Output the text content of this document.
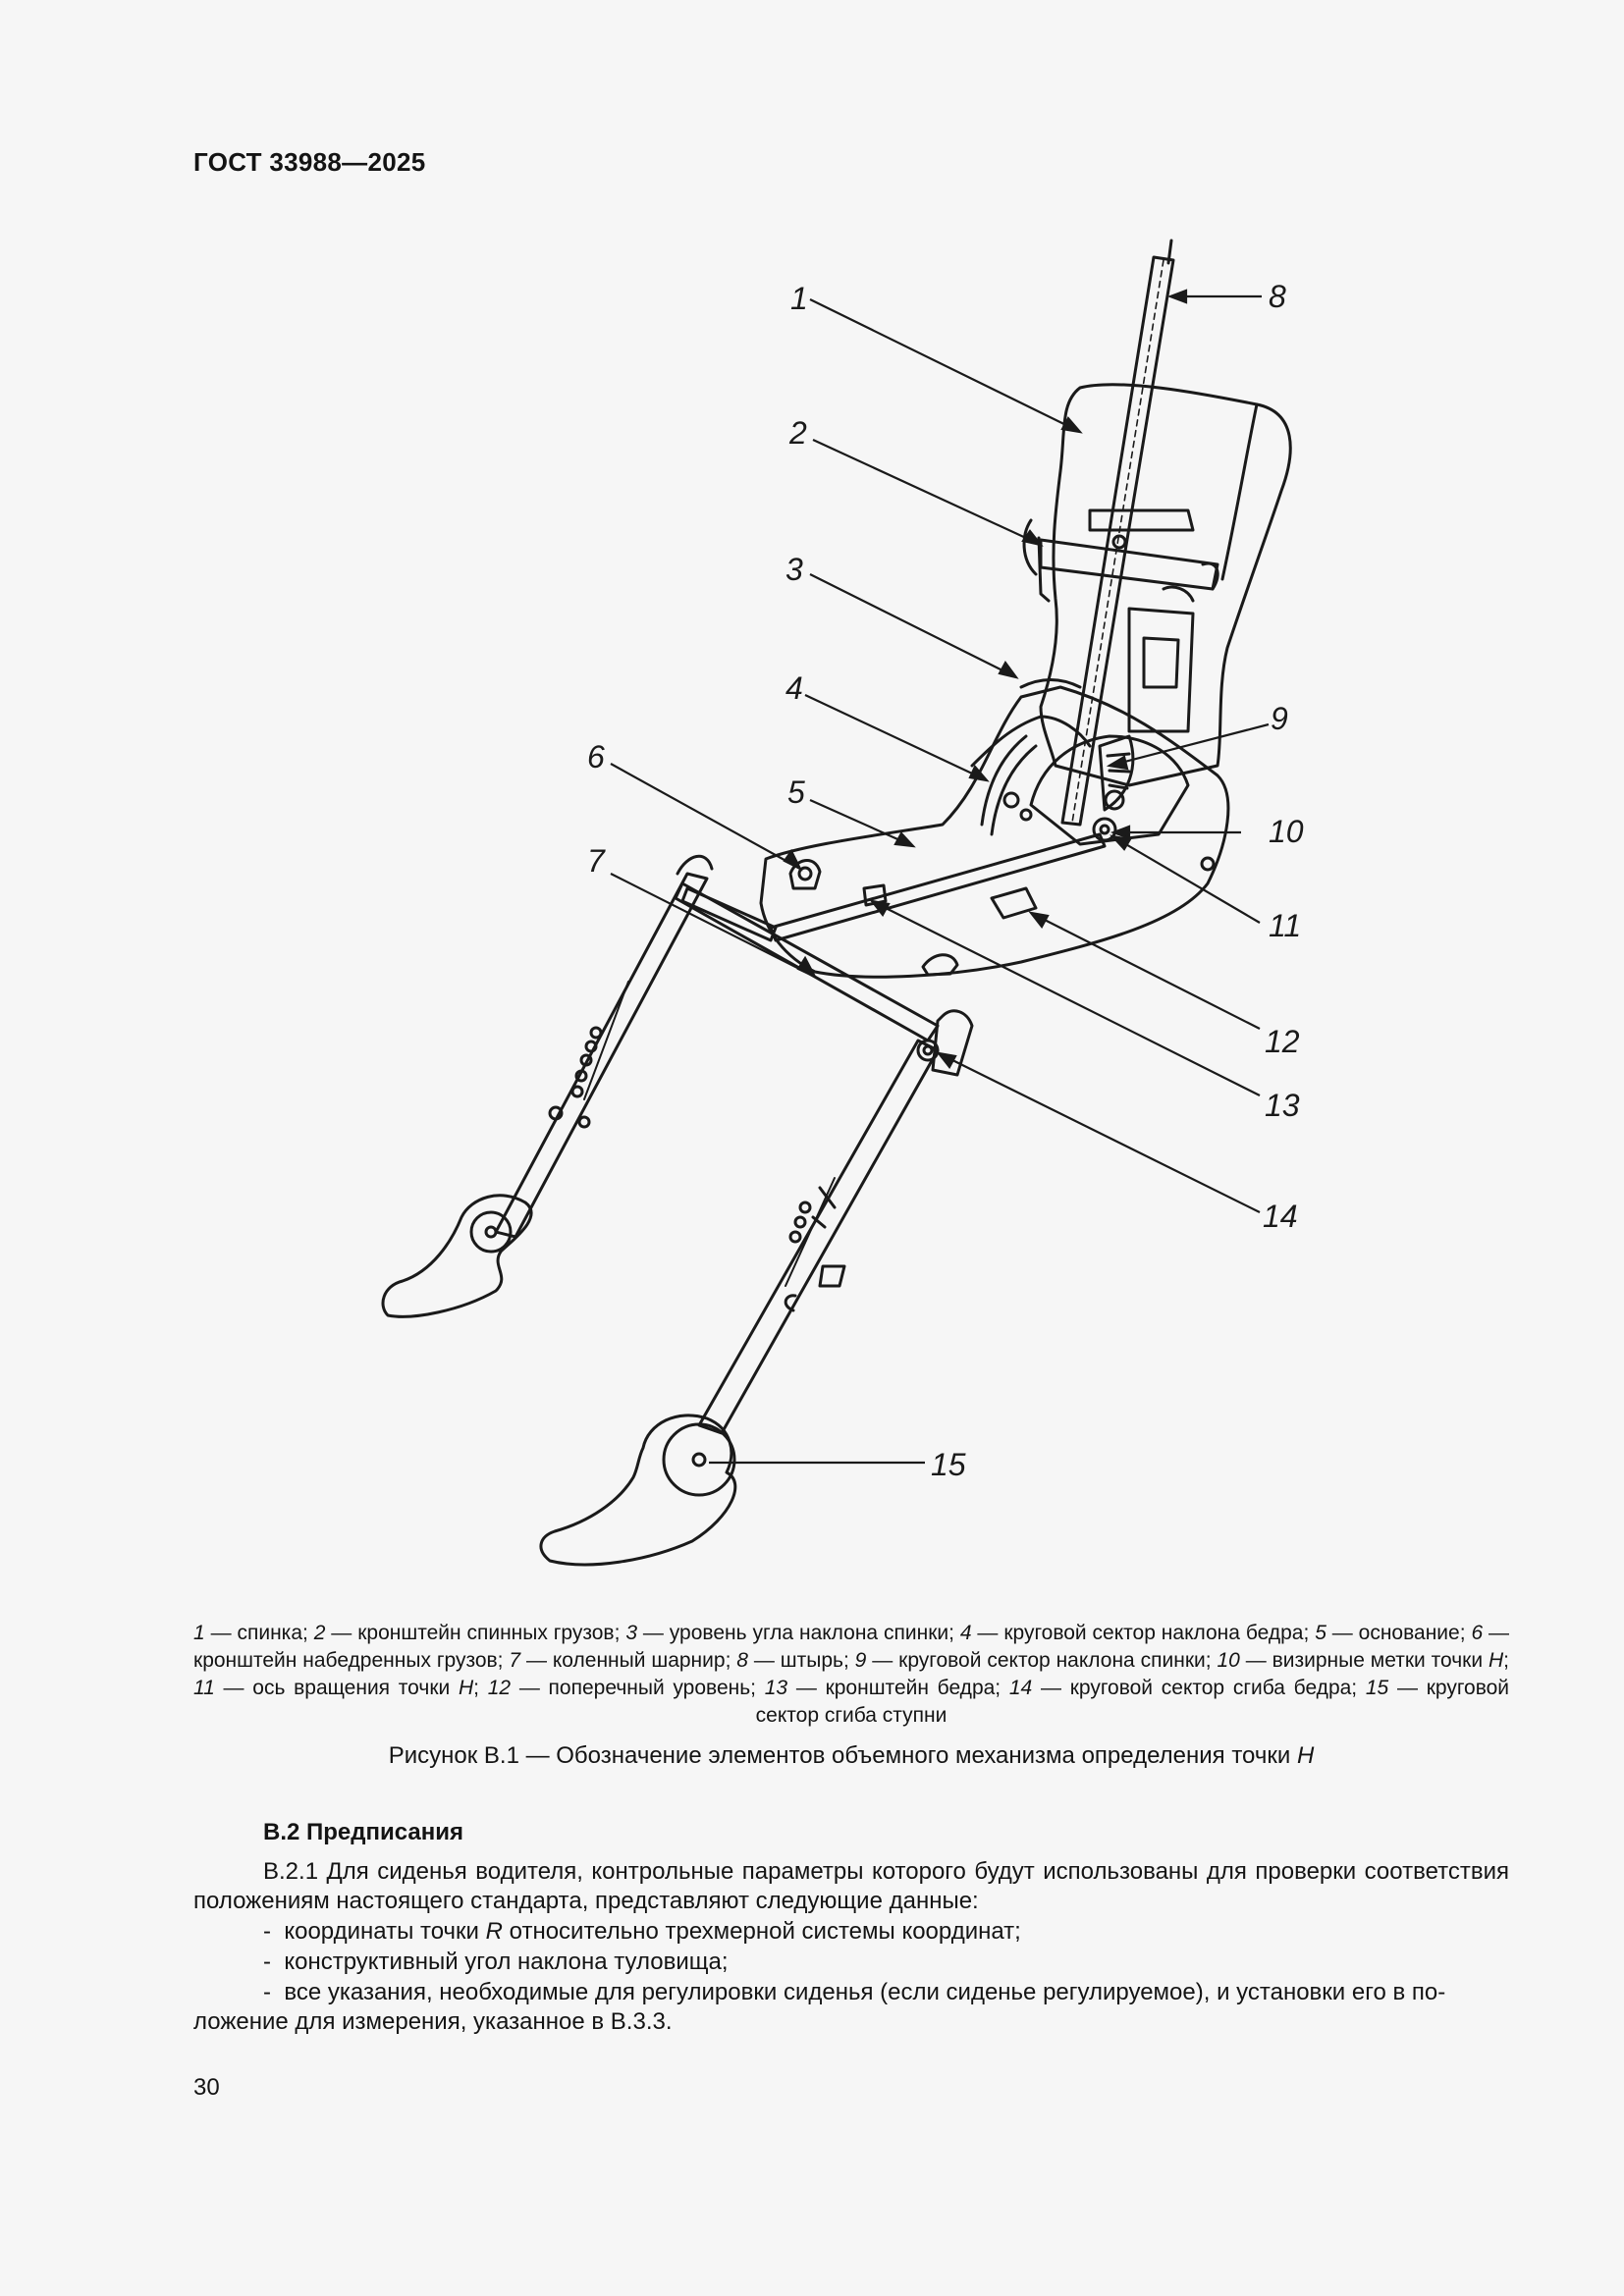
ГОСТ 33988—2025
1
2
3
4
5
6
7
8
9
10
11
12
13
14
15
1 — спинка; 2 — кронштейн спинных грузов; 3 — уровень угла наклона спинки; 4 — круговой сектор наклона бедра; 5 — основание; 6 — кронштейн набедренных грузов; 7 — коленный шарнир; 8 — штырь; 9 — круговой сектор наклона спинки; 10 — визирные метки точки H; 11 — ось вращения точки H; 12 — поперечный уровень; 13 — кронштейн бедра; 14 — круговой сектор сгиба бедра; 15 — круговой сектор сгиба ступни
Рисунок В.1 — Обозначение элементов объемного механизма определения точки H
В.2 Предписания
В.2.1 Для сиденья водителя, контрольные параметры которого будут использованы для проверки соответствия положениям настоящего стандарта, представляют следующие данные:
- координаты точки R относительно трехмерной системы координат;
- конструктивный угол наклона туловища;
- все указания, необходимые для регулировки сиденья (если сиденье регулируемое), и установки его в по-
ложение для измерения, указанное в В.3.3.
30
